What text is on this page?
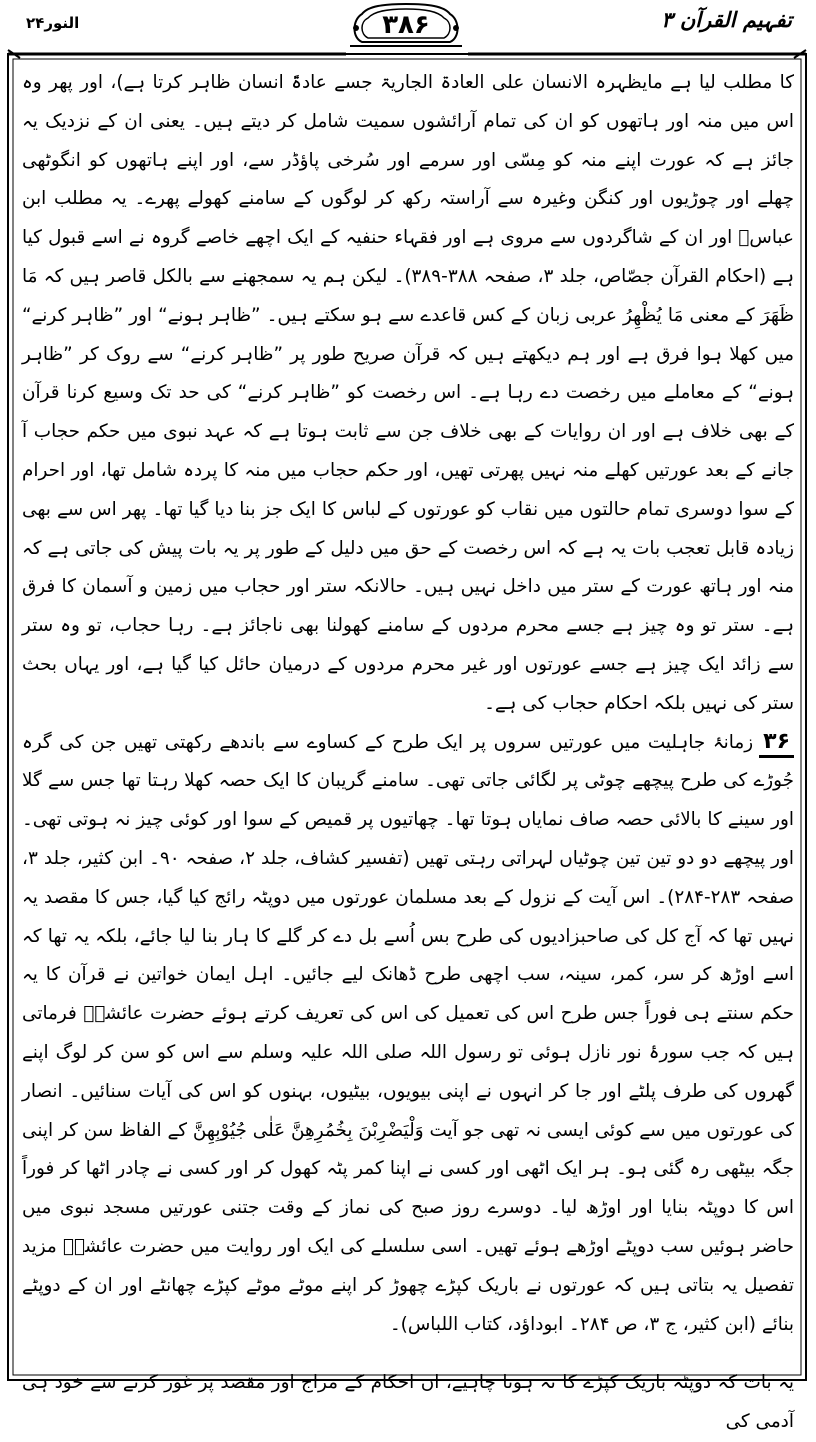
النور۲۴	۳۸۶	تفہیم القرآن ۳

کا مطلب لیا ہے مایظہرہ الانسان علی العادۃ الجاریۃ جسے عادۃً انسان ظاہر کرتا ہے)، اور پھر وہ اس میں منہ اور ہاتھوں کو ان کی تمام آرائشوں سمیت شامل کر دیتے ہیں۔ یعنی ان کے نزدیک یہ جائز ہے کہ عورت اپنے منہ کو مِسّی اور سرمے اور سُرخی پاؤڈر سے، اور اپنے ہاتھوں کو انگوٹھی چھلے اور چوڑیوں اور کنگن وغیرہ سے آراستہ رکھ کر لوگوں کے سامنے کھولے پھرے۔ یہ مطلب ابن عباسؓ اور ان کے شاگردوں سے مروی ہے اور فقہاء حنفیہ کے ایک اچھے خاصے گروہ نے اسے قبول کیا ہے (احکام القرآن جصّاص، جلد ۳، صفحہ ۳۸۸-۳۸۹)۔ لیکن ہم یہ سمجھنے سے بالکل قاصر ہیں کہ مَا ظَھَرَ کے معنی مَا یُظْھِرُ عربی زبان کے کس قاعدے سے ہو سکتے ہیں۔ ”ظاہر ہونے“ اور ”ظاہر کرنے“ میں کھلا ہوا فرق ہے اور ہم دیکھتے ہیں کہ قرآن صریح طور پر ”ظاہر کرنے“ سے روک کر ”ظاہر ہونے“ کے معاملے میں رخصت دے رہا ہے۔ اس رخصت کو ”ظاہر کرنے“ کی حد تک وسیع کرنا قرآن کے بھی خلاف ہے اور ان روایات کے بھی خلاف جن سے ثابت ہوتا ہے کہ عہد نبوی میں حکم حجاب آ جانے کے بعد عورتیں کھلے منہ نہیں پھرتی تھیں، اور حکم حجاب میں منہ کا پردہ شامل تھا، اور احرام کے سوا دوسری تمام حالتوں میں نقاب کو عورتوں کے لباس کا ایک جز بنا دیا گیا تھا۔ پھر اس سے بھی زیادہ قابل تعجب بات یہ ہے کہ اس رخصت کے حق میں دلیل کے طور پر یہ بات پیش کی جاتی ہے کہ منہ اور ہاتھ عورت کے ستر میں داخل نہیں ہیں۔ حالانکہ ستر اور حجاب میں زمین و آسمان کا فرق ہے۔ ستر تو وہ چیز ہے جسے محرم مردوں کے سامنے کھولنا بھی ناجائز ہے۔ رہا حجاب، تو وہ ستر سے زائد ایک چیز ہے جسے عورتوں اور غیر محرم مردوں کے درمیان حائل کیا گیا ہے، اور یہاں بحث ستر کی نہیں بلکہ احکام حجاب کی ہے۔

۳۶زمانۂ جاہلیت میں عورتیں سروں پر ایک طرح کے کساوے سے باندھے رکھتی تھیں جن کی گرہ جُوڑے کی طرح پیچھے چوٹی پر لگائی جاتی تھی۔ سامنے گریبان کا ایک حصہ کھلا رہتا تھا جس سے گلا اور سینے کا بالائی حصہ صاف نمایاں ہوتا تھا۔ چھاتیوں پر قمیص کے سوا اور کوئی چیز نہ ہوتی تھی۔ اور پیچھے دو دو تین تین چوٹیاں لہراتی رہتی تھیں (تفسیر کشاف، جلد ۲، صفحہ ۹۰۔ ابن کثیر، جلد ۳، صفحہ ۲۸۳-۲۸۴)۔ اس آیت کے نزول کے بعد مسلمان عورتوں میں دوپٹہ رائج کیا گیا، جس کا مقصد یہ نہیں تھا کہ آج کل کی صاحبزادیوں کی طرح بس اُسے بل دے کر گلے کا ہار بنا لیا جائے، بلکہ یہ تھا کہ اسے اوڑھ کر سر، کمر، سینہ، سب اچھی طرح ڈھانک لیے جائیں۔ اہل ایمان خواتین نے قرآن کا یہ حکم سنتے ہی فوراً جس طرح اس کی تعمیل کی اس کی تعریف کرتے ہوئے حضرت عائشہؓ فرماتی ہیں کہ جب سورۂ نور نازل ہوئی تو رسول اللہ صلی اللہ علیہ وسلم سے اس کو سن کر لوگ اپنے گھروں کی طرف پلٹے اور جا کر انہوں نے اپنی بیویوں، بیٹیوں، بہنوں کو اس کی آیات سنائیں۔ انصار کی عورتوں میں سے کوئی ایسی نہ تھی جو آیت وَلْیَضْرِبْنَ بِخُمُرِھِنَّ عَلٰی جُیُوْبِھِنَّ کے الفاظ سن کر اپنی جگہ بیٹھی رہ گئی ہو۔ ہر ایک اٹھی اور کسی نے اپنا کمر پٹہ کھول کر اور کسی نے چادر اٹھا کر فوراً اس کا دوپٹہ بنایا اور اوڑھ لیا۔ دوسرے روز صبح کی نماز کے وقت جتنی عورتیں مسجد نبوی میں حاضر ہوئیں سب دوپٹے اوڑھے ہوئے تھیں۔ اسی سلسلے کی ایک اور روایت میں حضرت عائشہؓ مزید تفصیل یہ بتاتی ہیں کہ عورتوں نے باریک کپڑے چھوڑ کر اپنے موٹے موٹے کپڑے چھانٹے اور ان کے دوپٹے بنائے (ابن کثیر، ج ۳، ص ۲۸۴۔ ابوداؤد، کتاب اللباس)۔

یہ بات کہ دوپٹہ باریک کپڑے کا نہ ہونا چاہیے، ان احکام کے مزاج اور مقصد پر غور کرنے سے خود ہی آدمی کی
